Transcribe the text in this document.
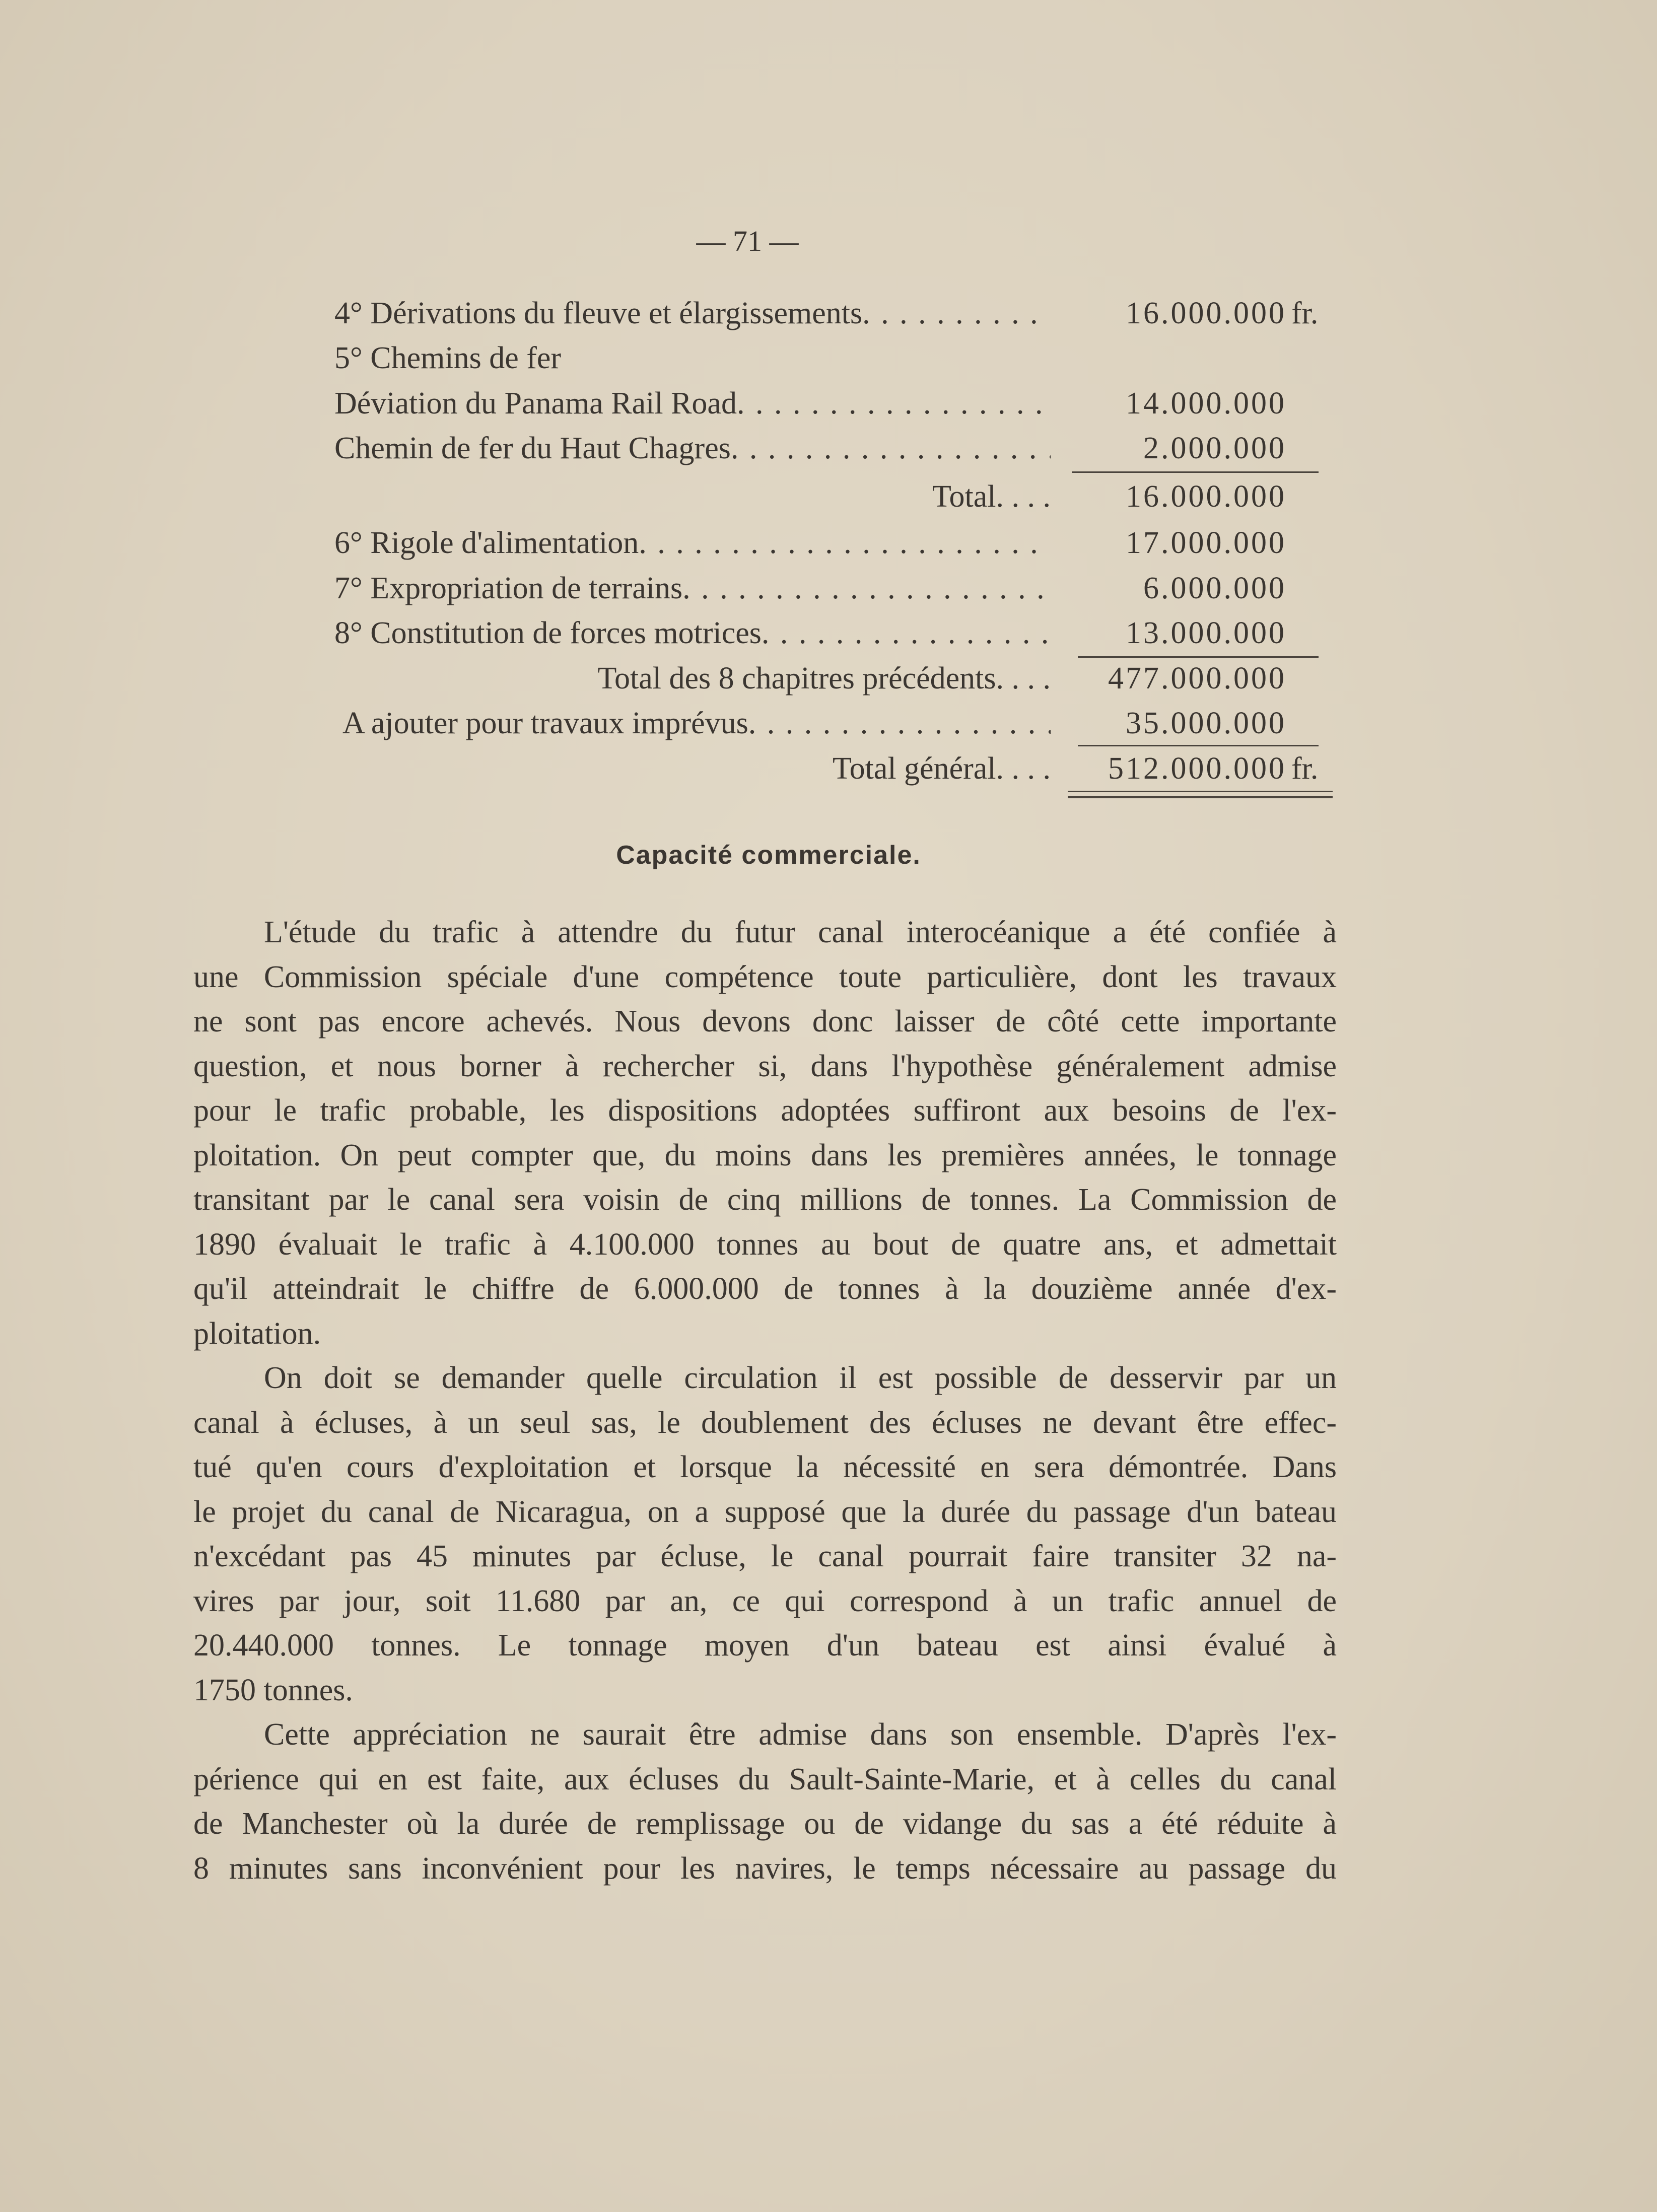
— 71 —
4° Dérivations du fleuve et élargissements . . .	16.000.000 fr.
5° Chemins de fer
Déviation du Panama Rail Road . . .	14.000.000
Chemin de fer du Haut Chagres . . .	2.000.000
Total . . .	16.000.000
6° Rigole d'alimentation . . .	17.000.000
7° Expropriation de terrains . . .	6.000.000
8° Constitution de forces motrices . . .	13.000.000
Total des 8 chapitres précédents . . .	477.000.000
A ajouter pour travaux imprévus . . .	35.000.000
Total général . . .	512.000.000 fr.
Capacité commerciale.
L'étude du trafic à attendre du futur canal interocéanique a été confiée à
une Commission spéciale d'une compétence toute particulière, dont les travaux
ne sont pas encore achevés. Nous devons donc laisser de côté cette importante
question, et nous borner à rechercher si, dans l'hypothèse généralement admise
pour le trafic probable, les dispositions adoptées suffiront aux besoins de l'ex-
ploitation. On peut compter que, du moins dans les premières années, le tonnage
transitant par le canal sera voisin de cinq millions de tonnes. La Commission de
1890 évaluait le trafic à 4.100.000 tonnes au bout de quatre ans, et admettait
qu'il atteindrait le chiffre de 6.000.000 de tonnes à la douzième année d'ex-
ploitation.
On doit se demander quelle circulation il est possible de desservir par un
canal à écluses, à un seul sas, le doublement des écluses ne devant être effec-
tué qu'en cours d'exploitation et lorsque la nécessité en sera démontrée. Dans
le projet du canal de Nicaragua, on a supposé que la durée du passage d'un bateau
n'excédant pas 45 minutes par écluse, le canal pourrait faire transiter 32 na-
vires par jour, soit 11.680 par an, ce qui correspond à un trafic annuel de
20.440.000 tonnes. Le tonnage moyen d'un bateau est ainsi évalué à
1750 tonnes.
Cette appréciation ne saurait être admise dans son ensemble. D'après l'ex-
périence qui en est faite, aux écluses du Sault-Sainte-Marie, et à celles du canal
de Manchester où la durée de remplissage ou de vidange du sas a été réduite à
8 minutes sans inconvénient pour les navires, le temps nécessaire au passage du
